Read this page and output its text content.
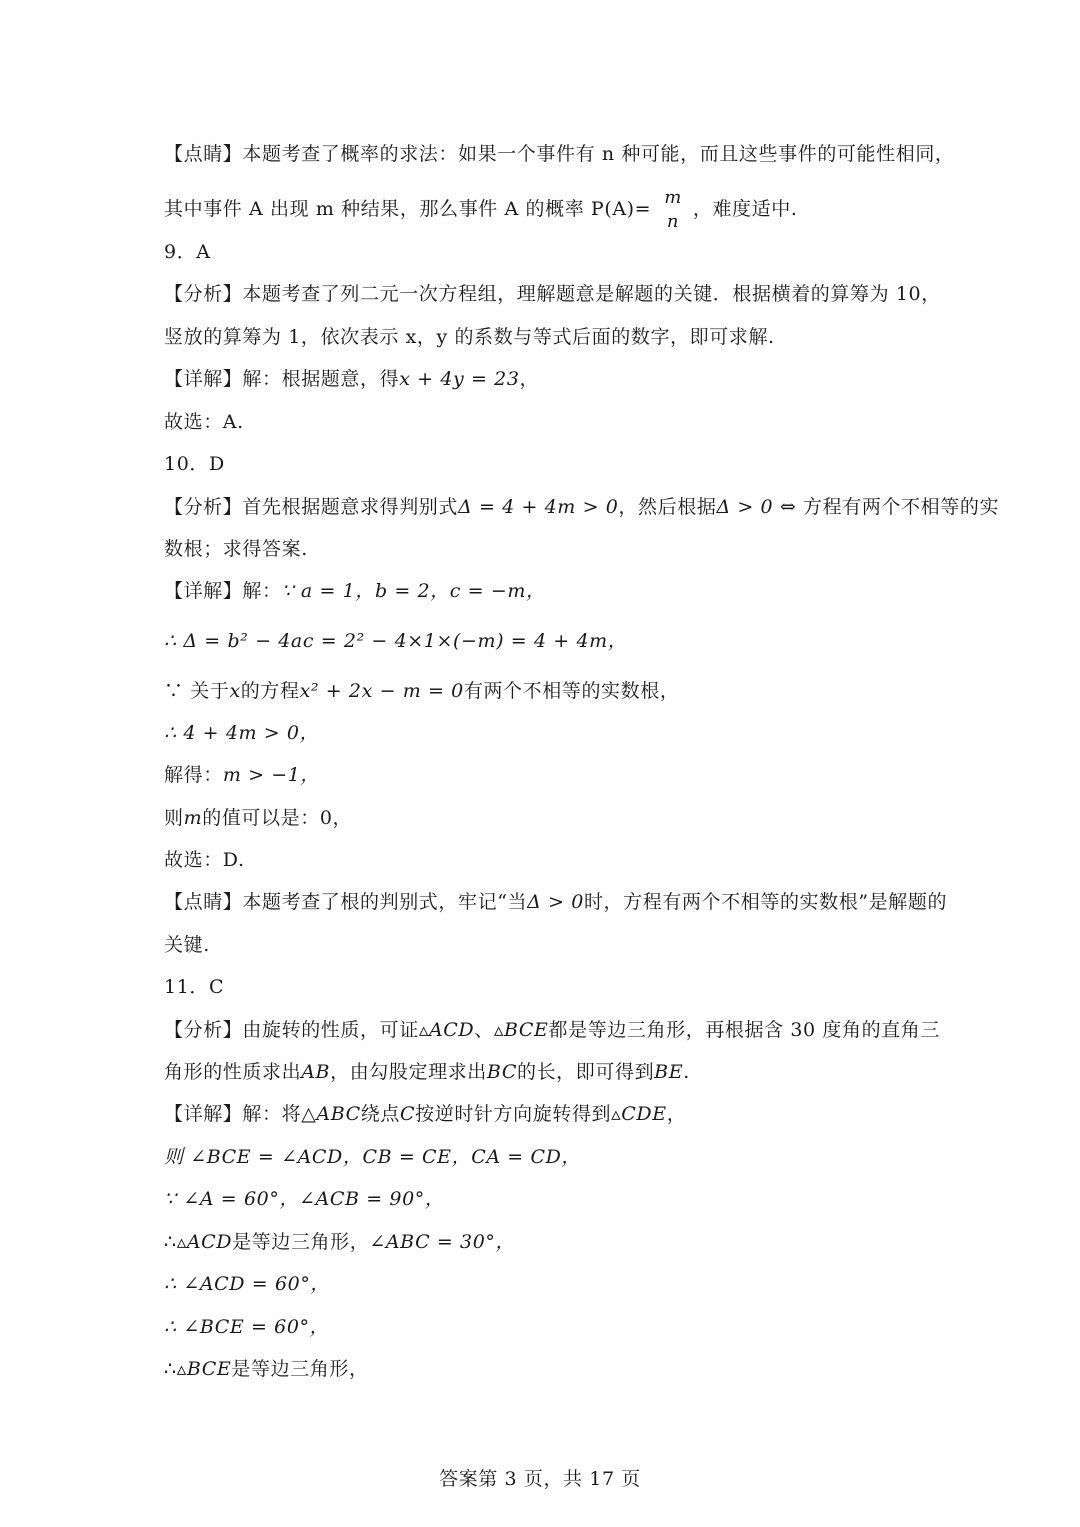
【点睛】本题考查了概率的求法：如果一个事件有 n 种可能，而且这些事件的可能性相同，
其中事件 A 出现 m 种结果，那么事件 A 的概率 P(A)=
m
n
，难度适中.
9．A
【分析】本题考查了列二元一次方程组，理解题意是解题的关键．根据横着的算筹为 10，
竖放的算筹为 1，依次表示 x，y 的系数与等式后面的数字，即可求解.
【详解】解：根据题意，得x + 4y = 23，
故选：A.
10．D
【分析】首先根据题意求得判别式Δ = 4 + 4m > 0，然后根据Δ > 0 ⇔ 方程有两个不相等的实
数根；求得答案.
【详解】解：∵ a = 1，b = 2，c = −m，
∴ Δ = b² − 4ac = 2² − 4×1×(−m) = 4 + 4m，
∵ 关于x的方程x² + 2x − m = 0有两个不相等的实数根，
∴ 4 + 4m > 0，
解得：m > −1，
则m的值可以是：0，
故选：D.
【点睛】本题考查了根的判别式，牢记“当Δ > 0时，方程有两个不相等的实数根”是解题的
关键.
11．C
【分析】由旋转的性质，可证▵ACD、▵BCE都是等边三角形，再根据含 30 度角的直角三
角形的性质求出AB，由勾股定理求出BC的长，即可得到BE.
【详解】解：将△ABC绕点C按逆时针方向旋转得到▵CDE，
则 ∠BCE = ∠ACD，CB = CE，CA = CD，
∵ ∠A = 60°，∠ACB = 90°，
∴▵ACD是等边三角形，∠ABC = 30°，
∴ ∠ACD = 60°，
∴ ∠BCE = 60°，
∴▵BCE是等边三角形，
答案第 3 页，共 17 页
